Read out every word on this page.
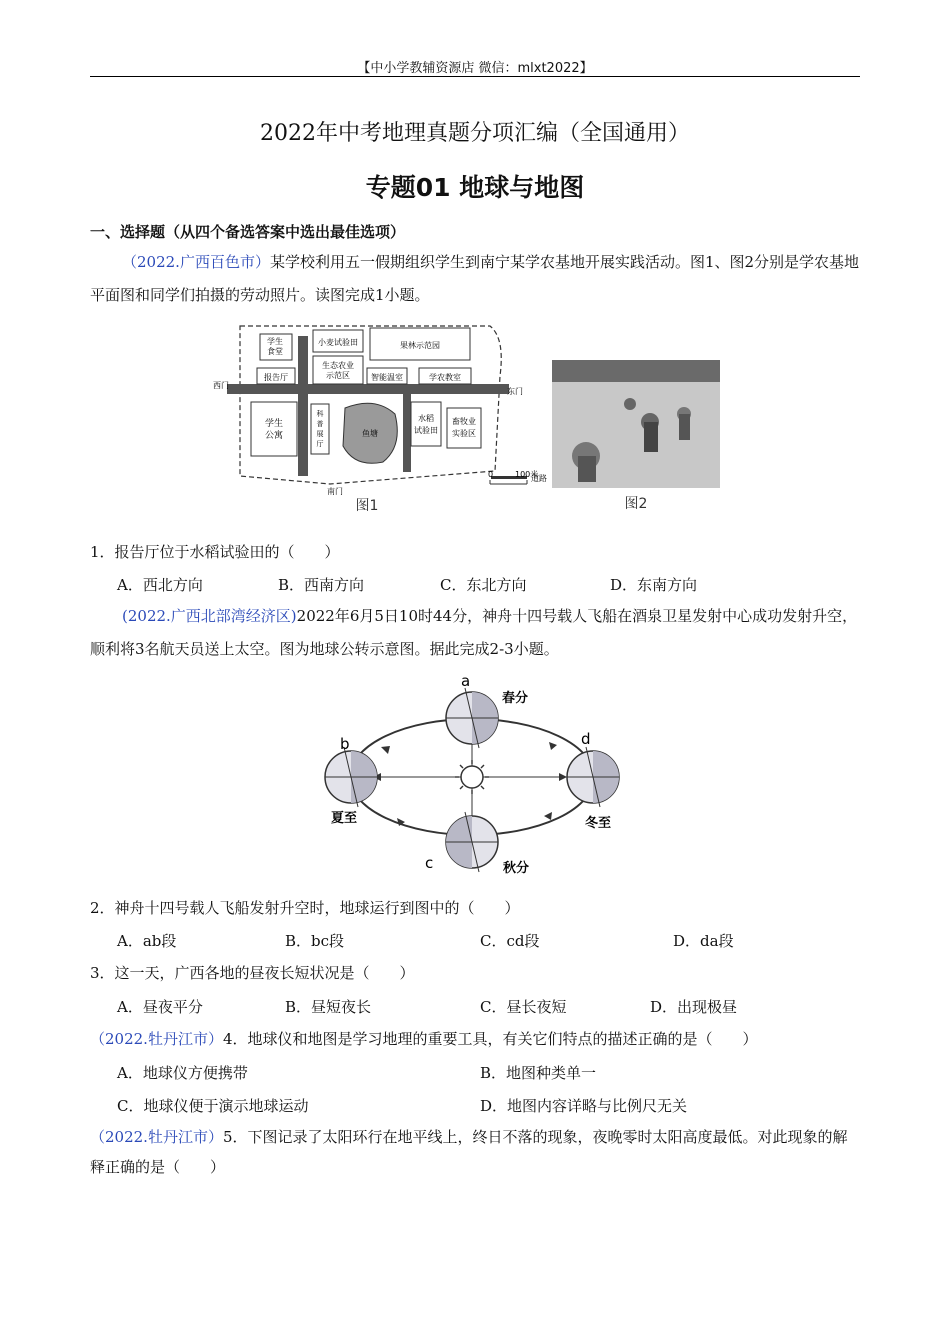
【中小学教辅资源店 微信：mlxt2022】
2022年中考地理真题分项汇编（全国通用）
专题01 地球与地图
一、选择题（从四个备选答案中选出最佳选项）
（2022.广西百色市）某学校利用五一假期组织学生到南宁某学农基地开展实践活动。图1、图2分别是学农基地平面图和同学们拍摄的劳动照片。读图完成1小题。
学生
食堂
小麦试验田	果林示范园
报告厅
生态农业
示范区	智能温室	学农教室
学生
公寓
科
普
展
厅
鱼塘
水稻
试验田
畜牧业
实验区
西门
东门
南门
道路
0	100米
图1	图2
1．报告厅位于水稻试验田的（　　）
A．西北方向	B．西南方向	C．东北方向	D．东南方向
(2022.广西北部湾经济区)2022年6月5日10时44分，神舟十四号载人飞船在酒泉卫星发射中心成功发射升空，顺利将3名航天员送上太空。图为地球公转示意图。据此完成2-3小题。
a
b
c
d
春分
夏至
秋分
冬至
2．神舟十四号载人飞船发射升空时，地球运行到图中的（　　）
A．ab段	B．bc段	C．cd段	D．da段
3．这一天，广西各地的昼夜长短状况是（　　）
A．昼夜平分	B．昼短夜长	C．昼长夜短	D．出现极昼
（2022.牡丹江市）4．地球仪和地图是学习地理的重要工具，有关它们特点的描述正确的是（　　）
A．地球仪方便携带	B．地图种类单一
C．地球仪便于演示地球运动	D．地图内容详略与比例尺无关
（2022.牡丹江市）5．下图记录了太阳环行在地平线上，终日不落的现象，夜晚零时太阳高度最低。对此现象的解释正确的是（　　）
